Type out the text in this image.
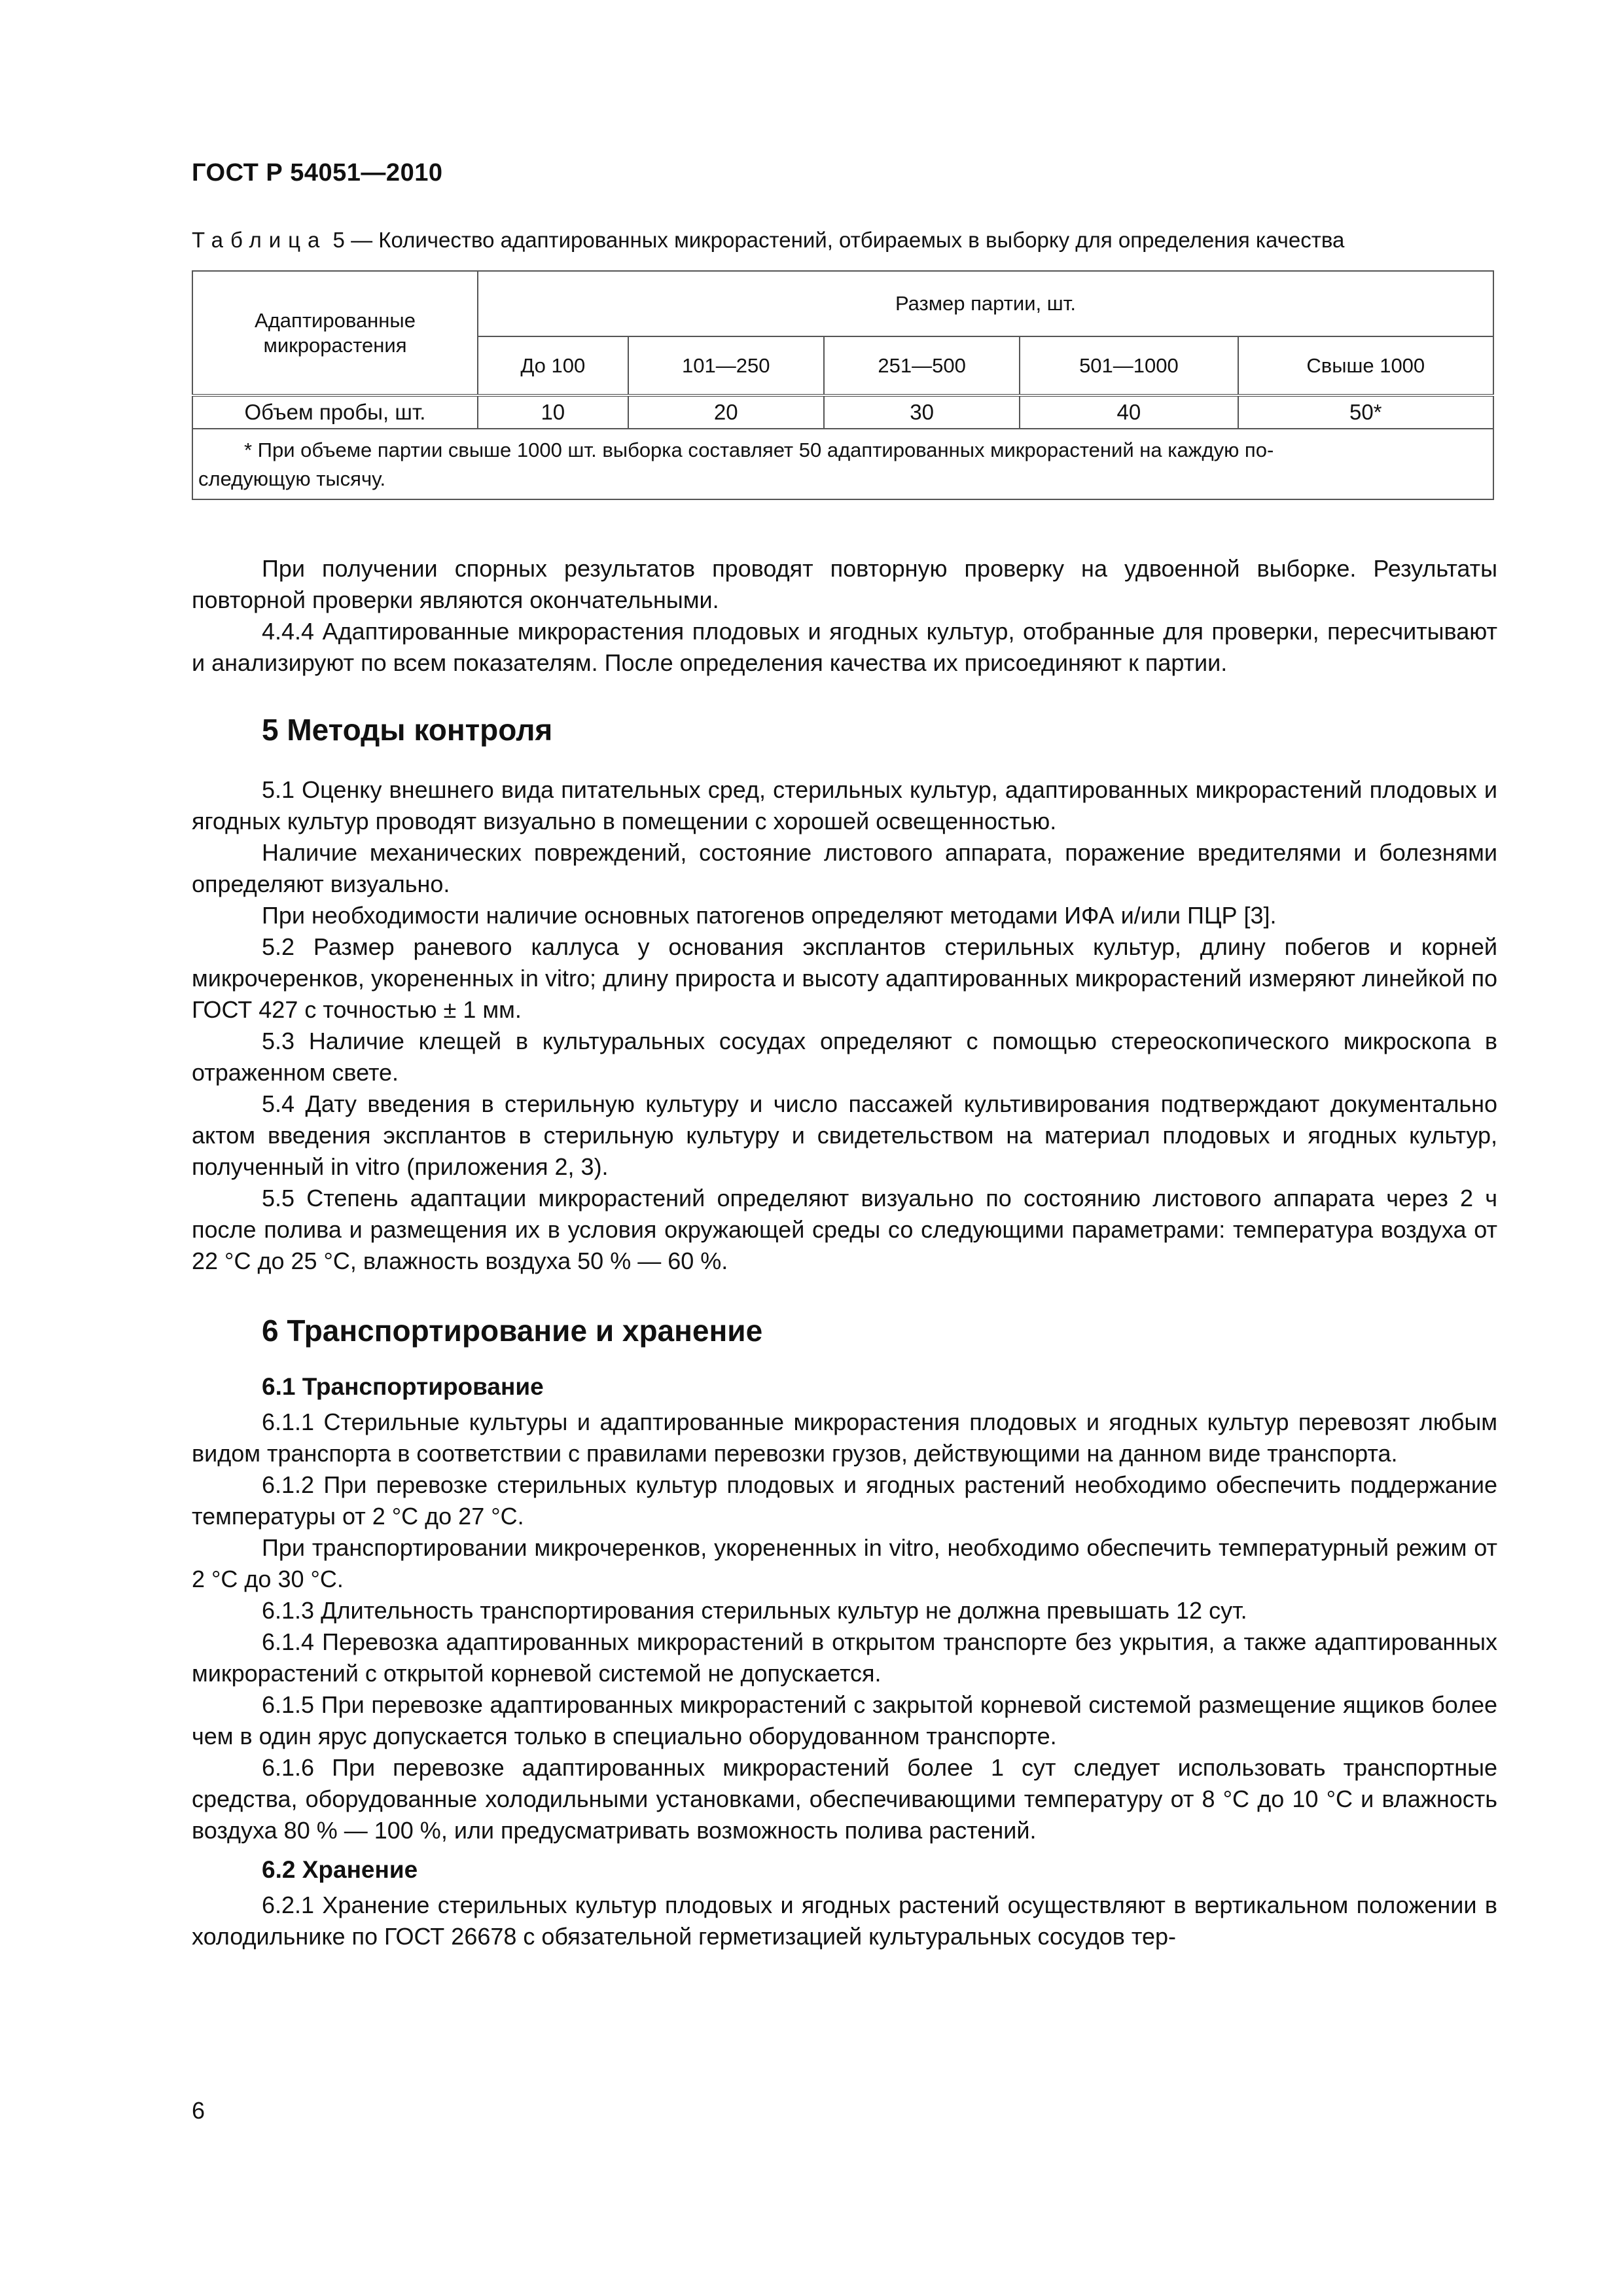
ГОСТ Р 54051—2010
Таблица 5 — Количество адаптированных микрорастений, отбираемых в выборку для определения качества
Адаптированные микрорастения	Размер партии, шт.				
	До 100	101—250	251—500	501—1000	Свыше 1000
Объем пробы, шт.	10	20	30	40	50*

* При объеме партии свыше 1000 шт. выборка составляет 50 адаптированных микрорастений на каждую по-
следующую тысячу.					

При получении спорных результатов проводят повторную проверку на удвоенной выборке. Результаты повторной проверки являются окончательными.

4.4.4 Адаптированные микрорастения плодовых и ягодных культур, отобранные для проверки, пересчитывают и анализируют по всем показателям. После определения качества их присоединяют к партии.

5 Методы контроля

5.1 Оценку внешнего вида питательных сред, стерильных культур, адаптированных микрорастений плодовых и ягодных культур проводят визуально в помещении с хорошей освещенностью.

Наличие механических повреждений, состояние листового аппарата, поражение вредителями и болезнями определяют визуально.

При необходимости наличие основных патогенов определяют методами ИФА и/или ПЦР [3].

5.2 Размер раневого каллуса у основания эксплантов стерильных культур, длину побегов и корней микрочеренков, укорененных in vitro; длину прироста и высоту адаптированных микрорастений измеряют линейкой по ГОСТ 427 с точностью ± 1 мм.

5.3 Наличие клещей в культуральных сосудах определяют с помощью стереоскопического микроскопа в отраженном свете.

5.4 Дату введения в стерильную культуру и число пассажей культивирования подтверждают документально актом введения эксплантов в стерильную культуру и свидетельством на материал плодовых и ягодных культур, полученный in vitro (приложения 2, 3).

5.5 Степень адаптации микрорастений определяют визуально по состоянию листового аппарата через 2 ч после полива и размещения их в условия окружающей среды со следующими параметрами: температура воздуха от 22 °С до 25 °С, влажность воздуха 50 % — 60 %.

6 Транспортирование и хранение
6.1 Транспортирование

6.1.1 Стерильные культуры и адаптированные микрорастения плодовых и ягодных культур перевозят любым видом транспорта в соответствии с правилами перевозки грузов, действующими на данном виде транспорта.

6.1.2 При перевозке стерильных культур плодовых и ягодных растений необходимо обеспечить поддержание температуры от 2 °С до 27 °С.

При транспортировании микрочеренков, укорененных in vitro, необходимо обеспечить температурный режим от 2 °С до 30 °С.

6.1.3 Длительность транспортирования стерильных культур не должна превышать 12 сут.

6.1.4 Перевозка адаптированных микрорастений в открытом транспорте без укрытия, а также адаптированных микрорастений с открытой корневой системой не допускается.

6.1.5 При перевозке адаптированных микрорастений с закрытой корневой системой размещение ящиков более чем в один ярус допускается только в специально оборудованном транспорте.

6.1.6 При перевозке адаптированных микрорастений более 1 сут следует использовать транспортные средства, оборудованные холодильными установками, обеспечивающими температуру от 8 °С до 10 °С и влажность воздуха 80 % — 100 %, или предусматривать возможность полива растений.

6.2 Хранение

6.2.1 Хранение стерильных культур плодовых и ягодных растений осуществляют в вертикальном положении в холодильнике по ГОСТ 26678 с обязательной герметизацией культуральных сосудов тер-

6
